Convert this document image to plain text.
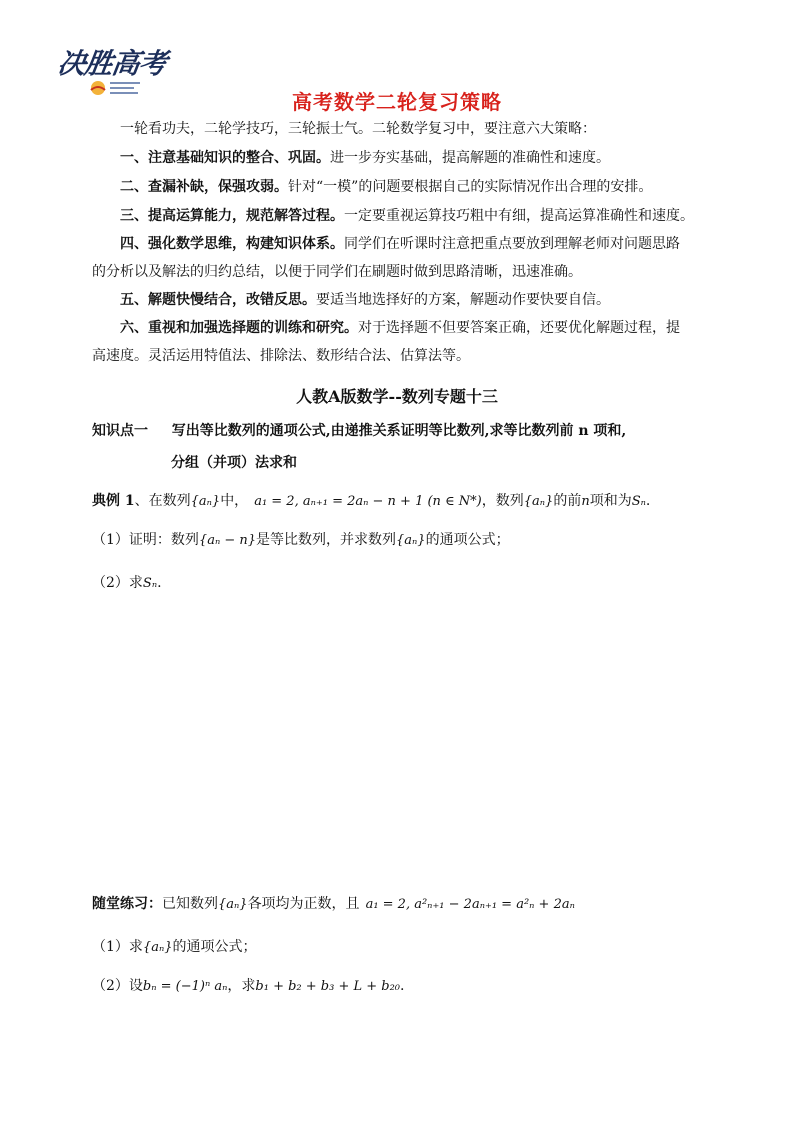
决胜高考
高考数学二轮复习策略
一轮看功夫，二轮学技巧，三轮振士气。二轮数学复习中，要注意六大策略：
一、注意基础知识的整合、巩固。进一步夯实基础，提高解题的准确性和速度。
二、查漏补缺，保强攻弱。针对“一模”的问题要根据自己的实际情况作出合理的安排。
三、提高运算能力，规范解答过程。一定要重视运算技巧粗中有细，提高运算准确性和速度。
四、强化数学思维，构建知识体系。同学们在听课时注意把重点要放到理解老师对问题思路
的分析以及解法的归约总结，以便于同学们在刷题时做到思路清晰，迅速准确。
五、解题快慢结合，改错反思。要适当地选择好的方案，解题动作要快要自信。
六、重视和加强选择题的训练和研究。对于选择题不但要答案正确，还要优化解题过程，提
高速度。灵活运用特值法、排除法、数形结合法、估算法等。
人教A版数学--数列专题十三
知识点一 写出等比数列的通项公式,由递推关系证明等比数列,求等比数列前 n 项和,
分组（并项）法求和
典例 1、在数列{aₙ}中， a₁ = 2, aₙ₊₁ = 2aₙ − n + 1 (n ∈ N*)，数列{aₙ}的前n项和为Sₙ.
（1）证明：数列{aₙ − n}是等比数列，并求数列{aₙ}的通项公式；
（2）求Sₙ.
随堂练习：已知数列{aₙ}各项均为正数，且 a₁ = 2, a²ₙ₊₁ − 2aₙ₊₁ = a²ₙ + 2aₙ
（1）求{aₙ}的通项公式；
（2）设bₙ = (−1)ⁿ aₙ，求b₁ + b₂ + b₃ + L + b₂₀.
